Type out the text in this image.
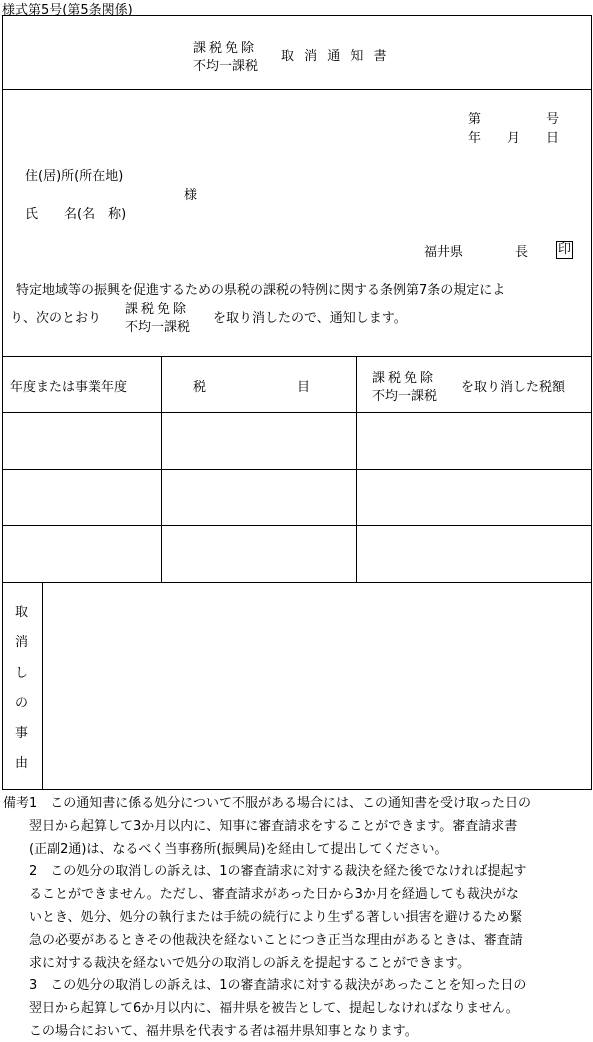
様式第5号(第5条関係)
課税免除
不均一課税
取 消 通 知 書
第　　　　　号
年　　月　　日
住(居)所(所在地)
様
氏　　名(名　称)
福井県　　　　長 印
　特定地域等の振興を促進するための県税の課税の特例に関する条例第7条の規定によ
り、次のとおり
課税免除
不均一課税
を取り消したので、通知します。
年度または事業年度	税　　　　　　　目
課税免除
不均一課税
を取り消した税額
取
消
し
の
事
由
備考1　この通知書に係る処分について不服がある場合には、この通知書を受け取った日の
　　翌日から起算して3か月以内に、知事に審査請求をすることができます。審査請求書
　　(正副2通)は、なるべく当事務所(振興局)を経由して提出してください。
　　2　この処分の取消しの訴えは、1の審査請求に対する裁決を経た後でなければ提起す
　　ることができません。ただし、審査請求があった日から3か月を経過しても裁決がな
　　いとき、処分、処分の執行または手続の続行により生ずる著しい損害を避けるため緊
　　急の必要があるときその他裁決を経ないことにつき正当な理由があるときは、審査請
　　求に対する裁決を経ないで処分の取消しの訴えを提起することができます。
　　3　この処分の取消しの訴えは、1の審査請求に対する裁決があったことを知った日の
　　翌日から起算して6か月以内に、福井県を被告として、提起しなければなりません。
　　この場合において、福井県を代表する者は福井県知事となります。
